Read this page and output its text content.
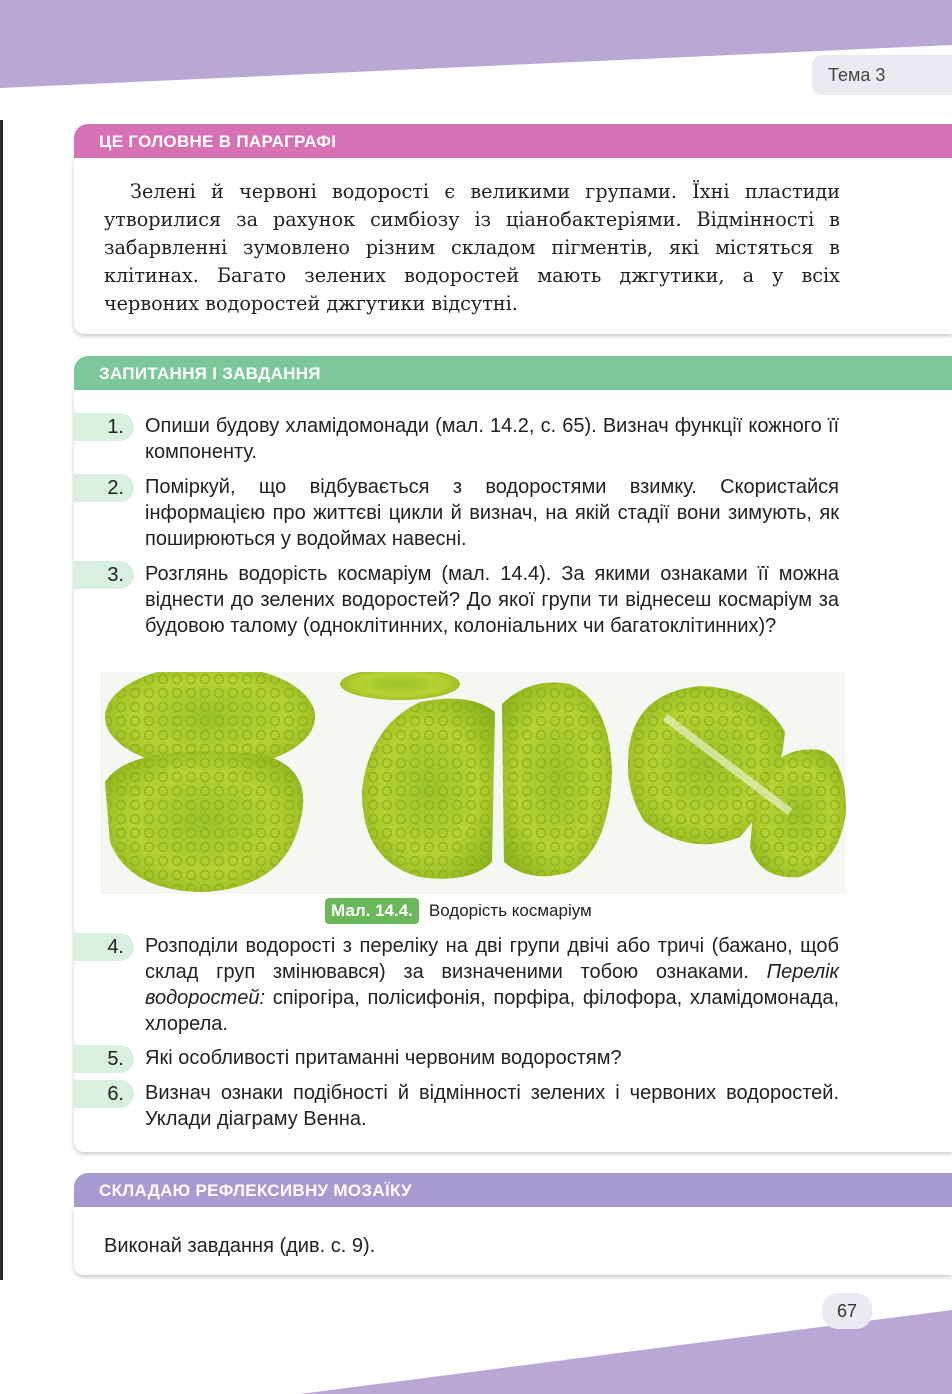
Тема 3
ЦЕ ГОЛОВНЕ В ПАРАГРАФІ

Зелені й червоні водорості є великими групами. Їхні пластиди утворилися за рахунок симбіозу із ціанобактеріями. Відмінності в забарвленні зумовлено різним складом пігментів, які містяться в клітинах. Багато зелених водоростей мають джгутики, а у всіх червоних водоростей джгутики відсутні.

ЗАПИТАННЯ І ЗАВДАННЯ
1.	Опиши будову хламідомонади (мал. 14.2, с. 65). Визнач функції кожного її компоненту.

2.	Поміркуй, що відбувається з водоростями взимку. Скористайся інформацією про життєві цикли й визнач, на якій стадії вони зимують, як поширюються у водоймах навесні.

3.	Розглянь водорість космаріум (мал. 14.4). За якими ознаками її можна віднести до зелених водоростей? До якої групи ти віднесеш космаріум за будовою талому (одноклітинних, колоніальних чи багатоклітинних)?

Мал. 14.4. Водорість космаріум
4.	Розподіли водорості з переліку на дві групи двічі або тричі (бажано, щоб склад груп змінювався) за визначеними тобою ознаками. Перелік водоростей: спірогіра, полісифонія, порфіра, філофора, хламідомонада, хлорела.

5.	Які особливості притаманні червоним водоростям?

6.	Визнач ознаки подібності й відмінності зелених і червоних водоростей. Уклади діаграму Венна.

СКЛАДАЮ РЕФЛЕКСИВНУ МОЗАЇКУ

Виконай завдання (див. с. 9).

67
